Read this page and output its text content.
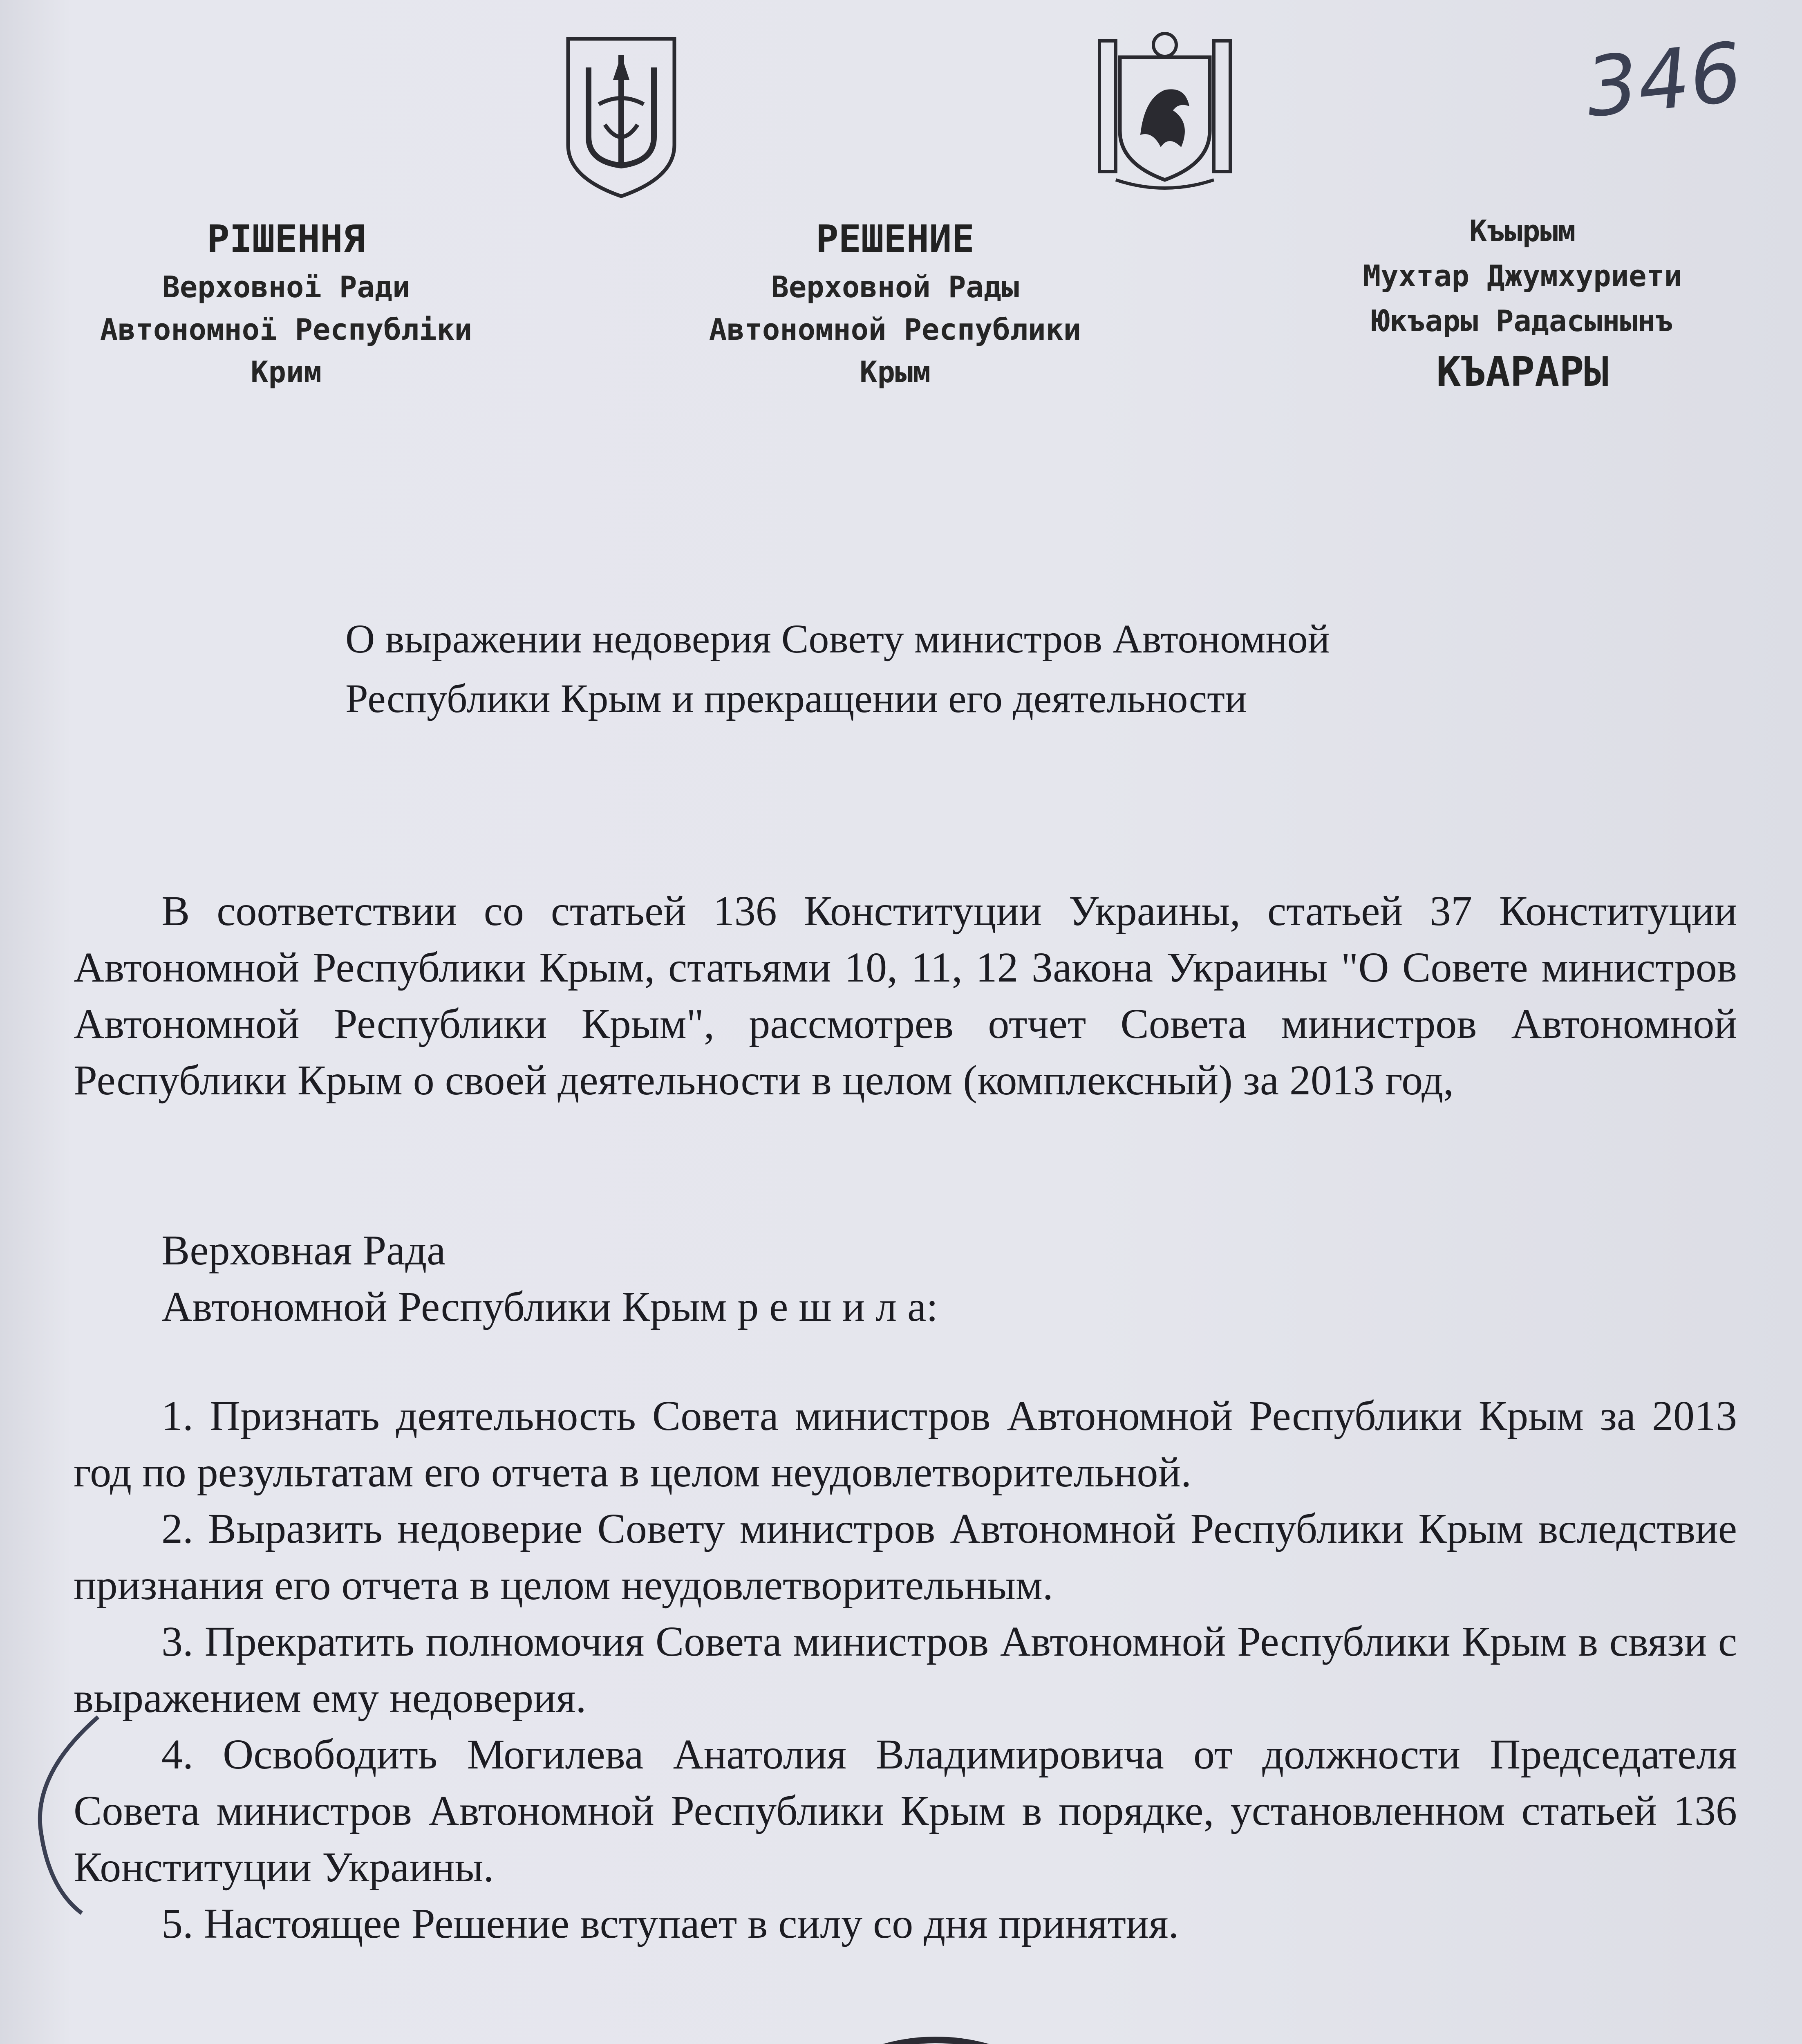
346
РІШЕННЯ
Верховної Ради
Автономної Республіки
Крим
РЕШЕНИЕ
Верховной Рады
Автономной Республики
Крым
Къырым
Мухтар Джумхуриети
Юкъары Радасынынъ
КЪАРАРЫ
О выражении недоверия Совету министров Автономной
Республики Крым и прекращении его деятельности
В соответствии со статьей 136 Конституции Украины, статьей 37 Конституции Автономной Республики Крым, статьями 10, 11, 12 Закона Украины "О Совете министров Автономной Республики Крым", рассмотрев отчет Совета министров Автономной Республики Крым о своей деятельности в целом (комплексный) за 2013 год,
Верховная Рада
Автономной Республики Крым р е ш и л а:
1. Признать деятельность Совета министров Автономной Республики Крым за 2013 год по результатам его отчета в целом неудовлетворительной.
2. Выразить недоверие Совету министров Автономной Республики Крым вследствие признания его отчета в целом неудовлетворительным.
3. Прекратить полномочия Совета министров Автономной Республики Крым в связи с выражением ему недоверия.
4. Освободить Могилева Анатолия Владимировича от должности Председателя Совета министров Автономной Республики Крым в порядке, установленном статьей 136 Конституции Украины.
5. Настоящее Решение вступает в силу со дня принятия.
